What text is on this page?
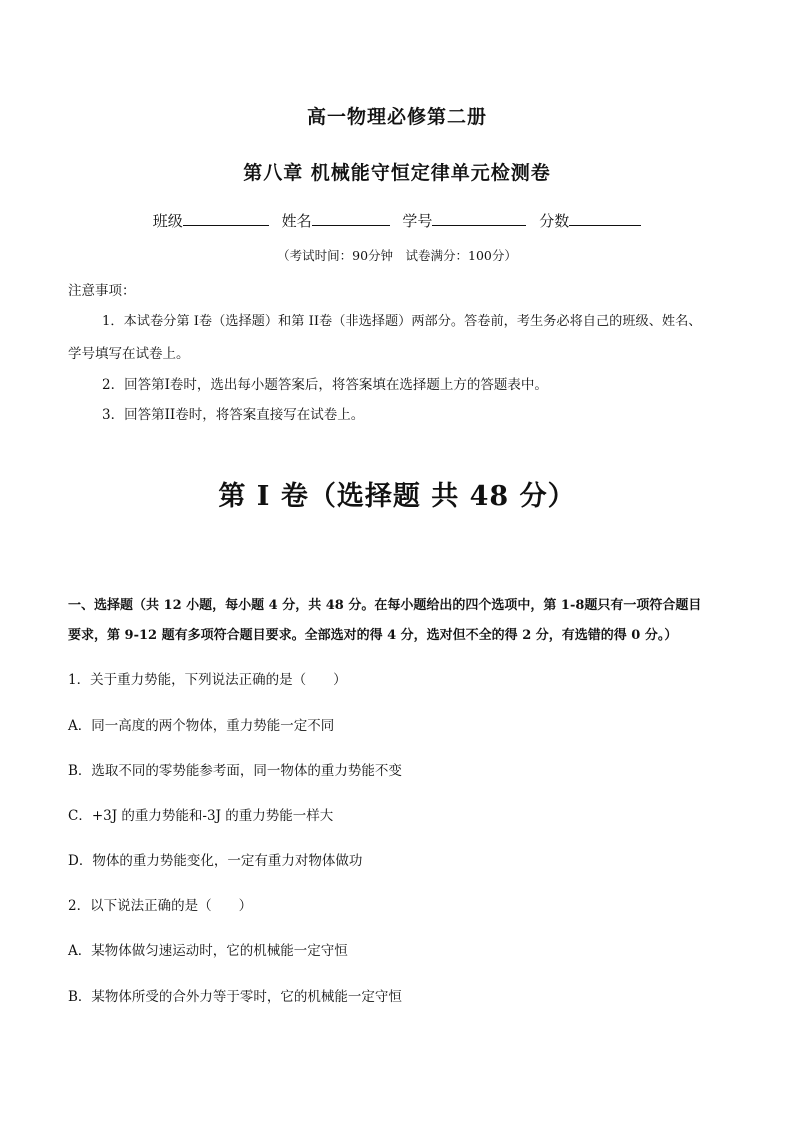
高一物理必修第二册
第八章 机械能守恒定律单元检测卷
班级	姓名	学号	分数
（考试时间：90分钟　试卷满分：100分）
注意事项：
1．本试卷分第 I卷（选择题）和第 II卷（非选择题）两部分。答卷前，考生务必将自己的班级、姓名、
学号填写在试卷上。
2．回答第I卷时，选出每小题答案后，将答案填在选择题上方的答题表中。
3．回答第II卷时，将答案直接写在试卷上。
第 I 卷（选择题 共 48 分）
一、选择题（共 12 小题，每小题 4 分，共 48 分。在每小题给出的四个选项中，第 1-8题只有一项符合题目
要求，第 9-12 题有多项符合题目要求。全部选对的得 4 分，选对但不全的得 2 分，有选错的得 0 分。）
1．关于重力势能，下列说法正确的是（　　）
A．同一高度的两个物体，重力势能一定不同
B．选取不同的零势能参考面，同一物体的重力势能不变
C．+3J 的重力势能和-3J 的重力势能一样大
D．物体的重力势能变化，一定有重力对物体做功
2．以下说法正确的是（　　）
A．某物体做匀速运动时，它的机械能一定守恒
B．某物体所受的合外力等于零时，它的机械能一定守恒
